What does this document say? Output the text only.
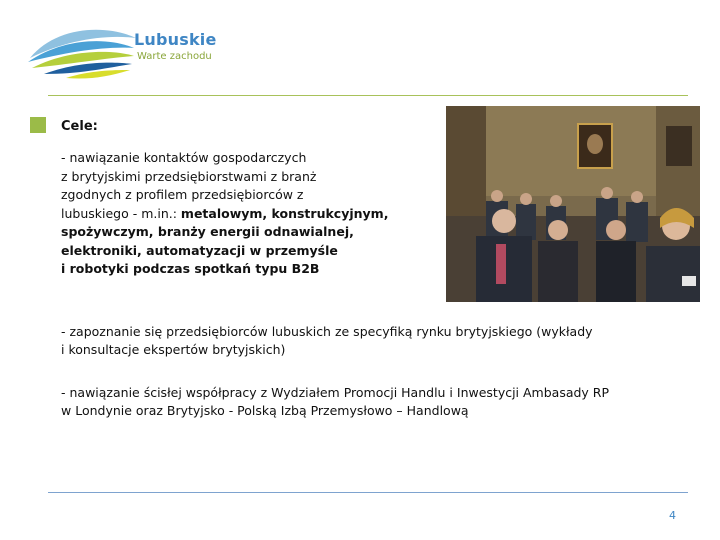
Lubuskie
Warte zachodu
Cele:
- nawiązanie kontaktów gospodarczych
z brytyjskimi przedsiębiorstwami z branż
zgodnych z profilem przedsiębiorców z
lubuskiego - m.in.: metalowym, konstrukcyjnym,
spożywczym, branży energii odnawialnej,
elektroniki, automatyzacji w przemyśle
i robotyki podczas spotkań typu B2B
- zapoznanie się przedsiębiorców lubuskich ze specyfiką rynku brytyjskiego (wykłady
i konsultacje ekspertów brytyjskich)
- nawiązanie ścisłej współpracy z Wydziałem Promocji Handlu i Inwestycji Ambasady RP
w Londynie oraz Brytyjsko - Polską Izbą Przemysłowo – Handlową
4
